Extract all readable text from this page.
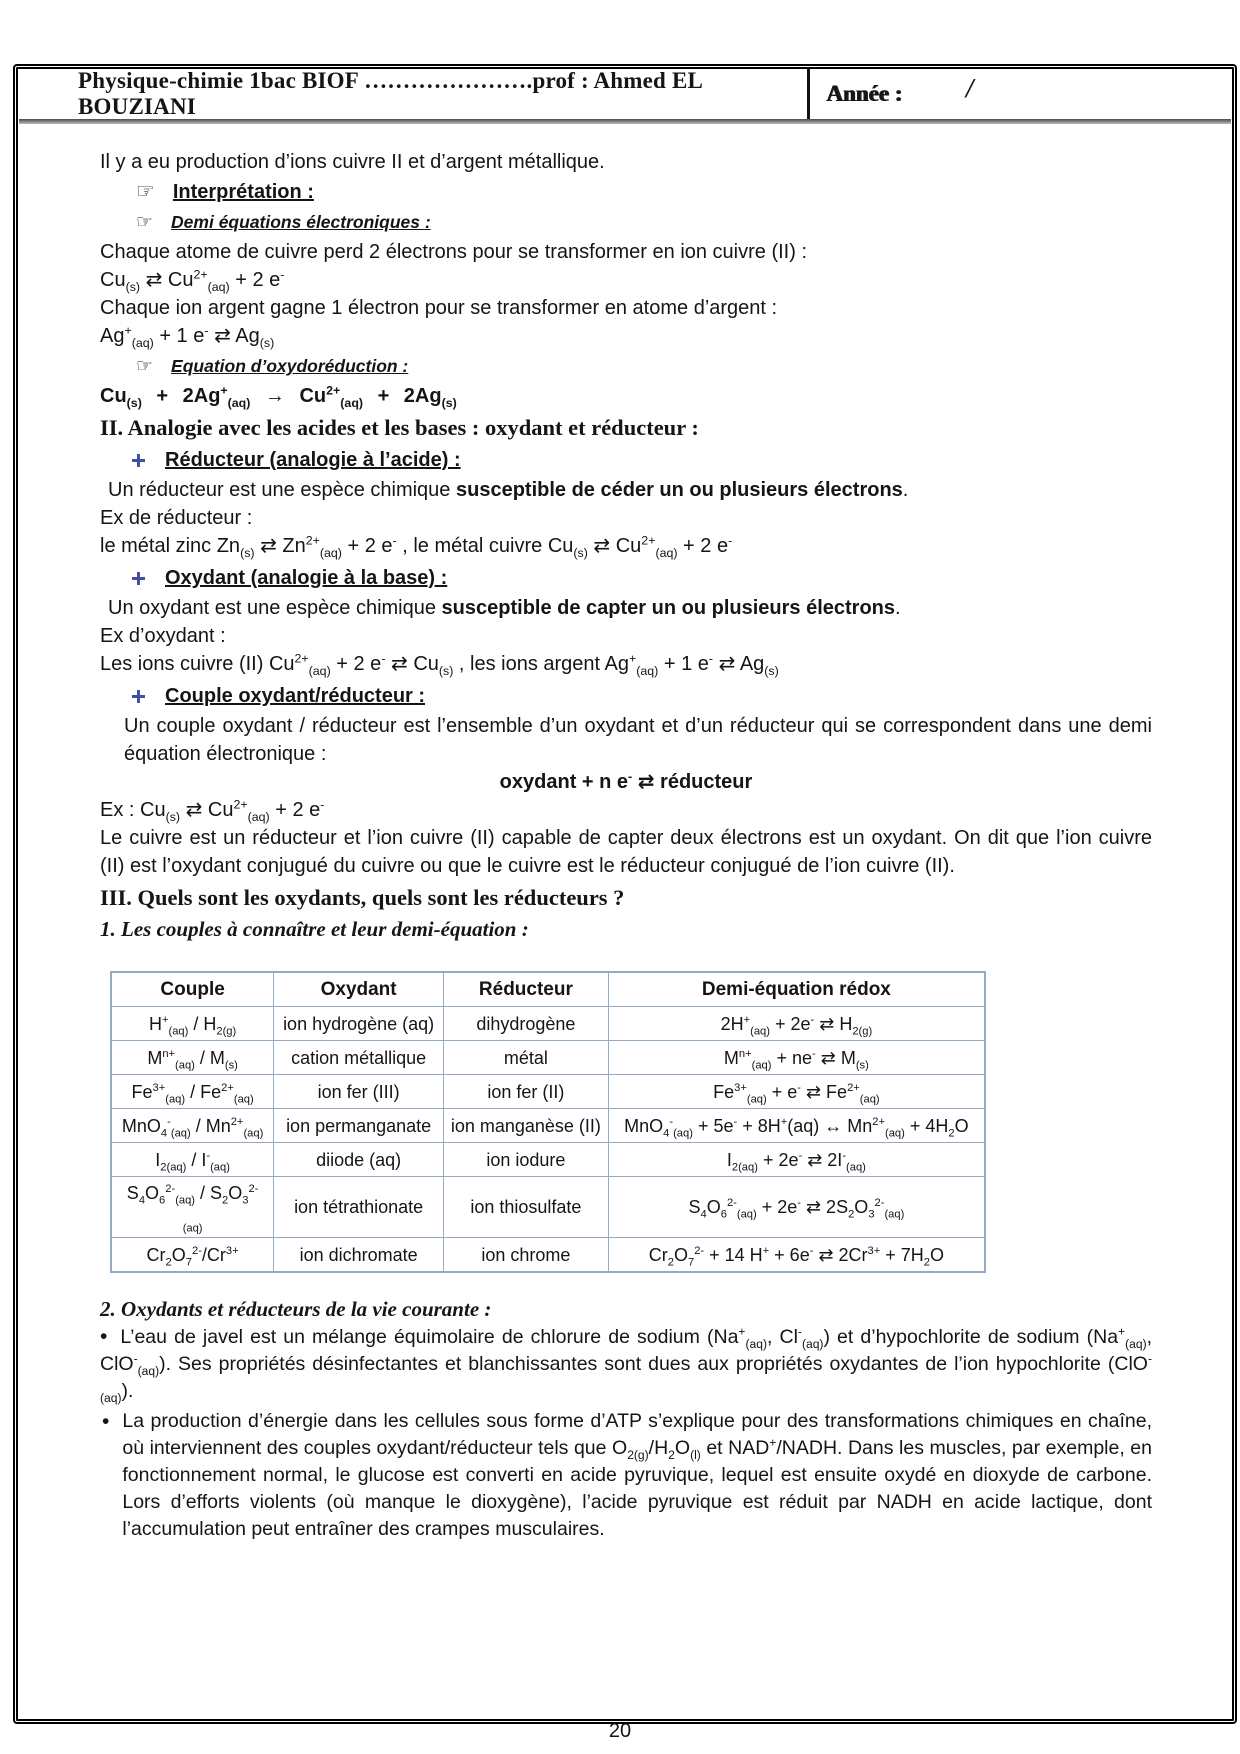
Physique-chimie 1bac BIOF ………………….prof : Ahmed EL BOUZIANI
Année : /

Il y a eu production d’ions cuivre II et d’argent métallique.

☞ Interprétation :
☞ Demi équations électroniques :

Chaque atome de cuivre perd 2 électrons pour se transformer en ion cuivre (II) :

$Cu_{(s)}$ ⇄ $Cu^{2+}_{(aq)} + 2$ e-

Chaque ion argent gagne 1 électron pour se transformer en atome d’argent :

$Ag^+_{(aq)} + 1$ e- ⇄ $Ag_{(s)}$

☞ Equation d’oxydoréduction :

$Cu_{(s)} + 2Ag^+_{(aq)} \to Cu^{2+}_{(aq)} + 2Ag_{(s)}$

II. Analogie avec les acides et les bases : oxydant et réducteur :
Réducteur (analogie à l’acide) :

Un réducteur est une espèce chimique susceptible de céder un ou plusieurs électrons.

Ex de réducteur :

le métal zinc $Zn_{(s)}$ ⇄ $Zn^{2+}_{(aq)} + 2$ e- , le métal cuivre $Cu_{(s)}$ ⇄ $Cu^{2+}_{(aq)} + 2$ e-

Oxydant (analogie à la base) :

Un oxydant est une espèce chimique susceptible de capter un ou plusieurs électrons.

Ex d’oxydant :

Les ions cuivre (II) $Cu^{2+}_{(aq)} + 2$ e- ⇄ $Cu_{(s)}$ , les ions argent $Ag^+_{(aq)} + 1$ e- ⇄ $Ag_{(s)}$

Couple oxydant/réducteur :

Un couple oxydant / réducteur est l’ensemble d’un oxydant et d’un réducteur qui se correspondent dans une demi équation électronique :

oxydant + n e- ⇄ réducteur

Ex : $Cu_{(s)}$ ⇄ $Cu^{2+}_{(aq)} + 2$ e-

Le cuivre est un réducteur et l’ion cuivre (II) capable de capter deux électrons est un oxydant. On dit que l’ion cuivre (II) est l’oxydant conjugué du cuivre ou que le cuivre est le réducteur conjugué de l’ion cuivre (II).

III. Quels sont les oxydants, quels sont les réducteurs ?

1. Les couples à connaître et leur demi-équation :

Couple	Oxydant	Réducteur	Demi-équation rédox
$H^+_{(aq)} / H_{2(g)}$	ion hydrogène (aq)	dihydrogène	$2H^+_{(aq)} + 2e^-$ ⇄ $H_{2(g)}$
$M^{n+}_{(aq)} / M_{(s)}$	cation métallique	métal	$M^{n+}_{(aq)} + ne^-$ ⇄ $M_{(s)}$
$Fe^{3+}_{(aq)} / Fe^{2+}_{(aq)}$	ion fer (III)	ion fer (II)	$Fe^{3+}_{(aq)} + e^-$ ⇄ $Fe^{2+}_{(aq)}$
$MnO_4^-_{(aq)} / Mn^{2+}_{(aq)}$	ion permanganate	ion manganèse (II)	MnO$_4$-$_{(aq)}$ + 5e- + 8H+(aq) ↔ $Mn^{2+}_{(aq)} + 4H_2O$
$I_{2(aq)} / I^-_{(aq)}$	diiode (aq)	ion iodure	$I_{2(aq)} + 2e^-$ ⇄ $2I^-_{(aq)}$
$S_4O_6^{2-}_{(aq)} / S_2O_3^{2-}_{(aq)}$	ion tétrathionate	ion thiosulfate	$S_4O_6^{2-}_{(aq)} + 2e^-$ ⇄ $2S_2O_3^{2-}_{(aq)}$
$Cr_2O_7^{2-}/Cr^{3+}$	ion dichromate	ion chrome	$Cr_2O_7^{2-} + 14$ H+ + 6e- ⇄ $2Cr^{3+} + 7H_2O$

2. Oxydants et réducteurs de la vie courante :

• L’eau de javel est un mélange équimolaire de chlorure de sodium ($Na^+_{(aq)}$, $Cl^-_{(aq)}$) et d’hypochlorite de sodium ($Na^+_{(aq)}$, ClO-$_{(aq)}$). Ses propriétés désinfectantes et blanchissantes sont dues aux propriétés oxydantes de l’ion hypochlorite (ClO-$_{(aq)}$).

• La production d’énergie dans les cellules sous forme d’ATP s’explique pour des transformations chimiques en chaîne, où interviennent des couples oxydant/réducteur tels que $O_{2(g)}/H_2O_{(l)}$ et NAD+/NADH. Dans les muscles, par exemple, en fonctionnement normal, le glucose est converti en acide pyruvique, lequel est ensuite oxydé en dioxyde de carbone. Lors d’efforts violents (où manque le dioxygène), l’acide pyruvique est réduit par NADH en acide lactique, dont l’accumulation peut entraîner des crampes musculaires.
20
